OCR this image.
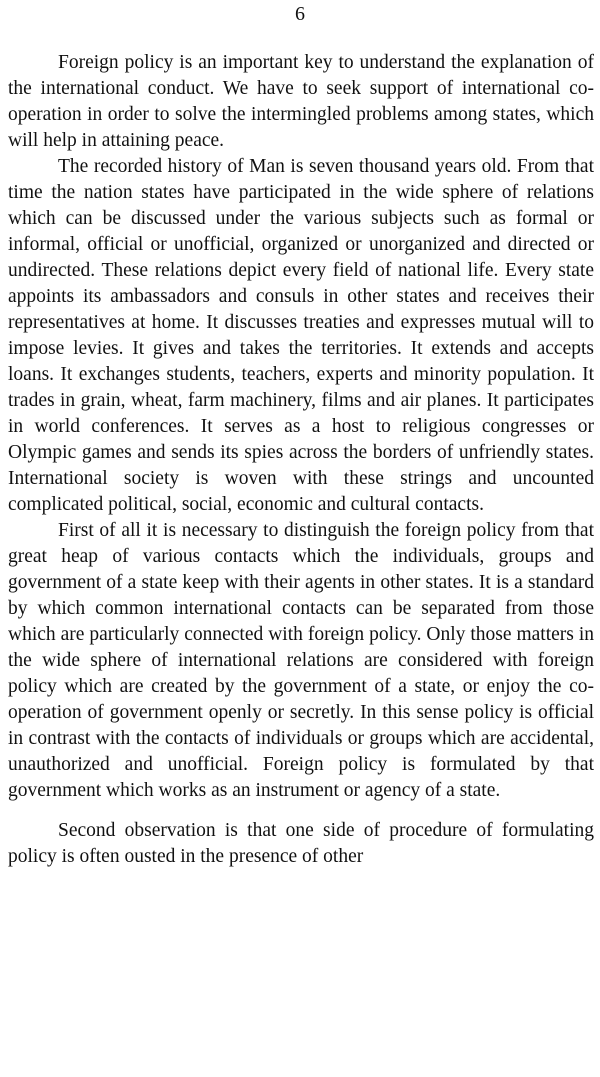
6

Foreign policy is an important key to understand the explanation of the international conduct. We have to seek support of international co-operation in order to solve the intermingled problems among states, which will help in attaining peace.

The recorded history of Man is seven thousand years old. From that time the nation states have participated in the wide sphere of relations which can be discussed under the various subjects such as formal or informal, official or unofficial, organized or unorganized and directed or undirected. These relations depict every field of national life. Every state appoints its ambassadors and consuls in other states and receives their representatives at home. It discusses treaties and expresses mutual will to impose levies. It gives and takes the territories. It extends and accepts loans. It exchanges students, teachers, experts and minority population. It trades in grain, wheat, farm machinery, films and air planes. It participates in world conferences. It serves as a host to religious congresses or Olympic games and sends its spies across the borders of unfriendly states. International society is woven with these strings and uncounted complicated political, social, economic and cultural contacts.

First of all it is necessary to distinguish the foreign policy from that great heap of various contacts which the individuals, groups and government of a state keep with their agents in other states. It is a standard by which common international contacts can be separated from those which are particularly connected with foreign policy. Only those matters in the wide sphere of international relations are considered with foreign policy which are created by the government of a state, or enjoy the co-operation of government openly or secretly. In this sense policy is official in contrast with the contacts of individuals or groups which are accidental, unauthorized and unofficial. Foreign policy is formulated by that government which works as an instrument or agency of a state.

Second observation is that one side of procedure of formulating policy is often ousted in the presence of other
